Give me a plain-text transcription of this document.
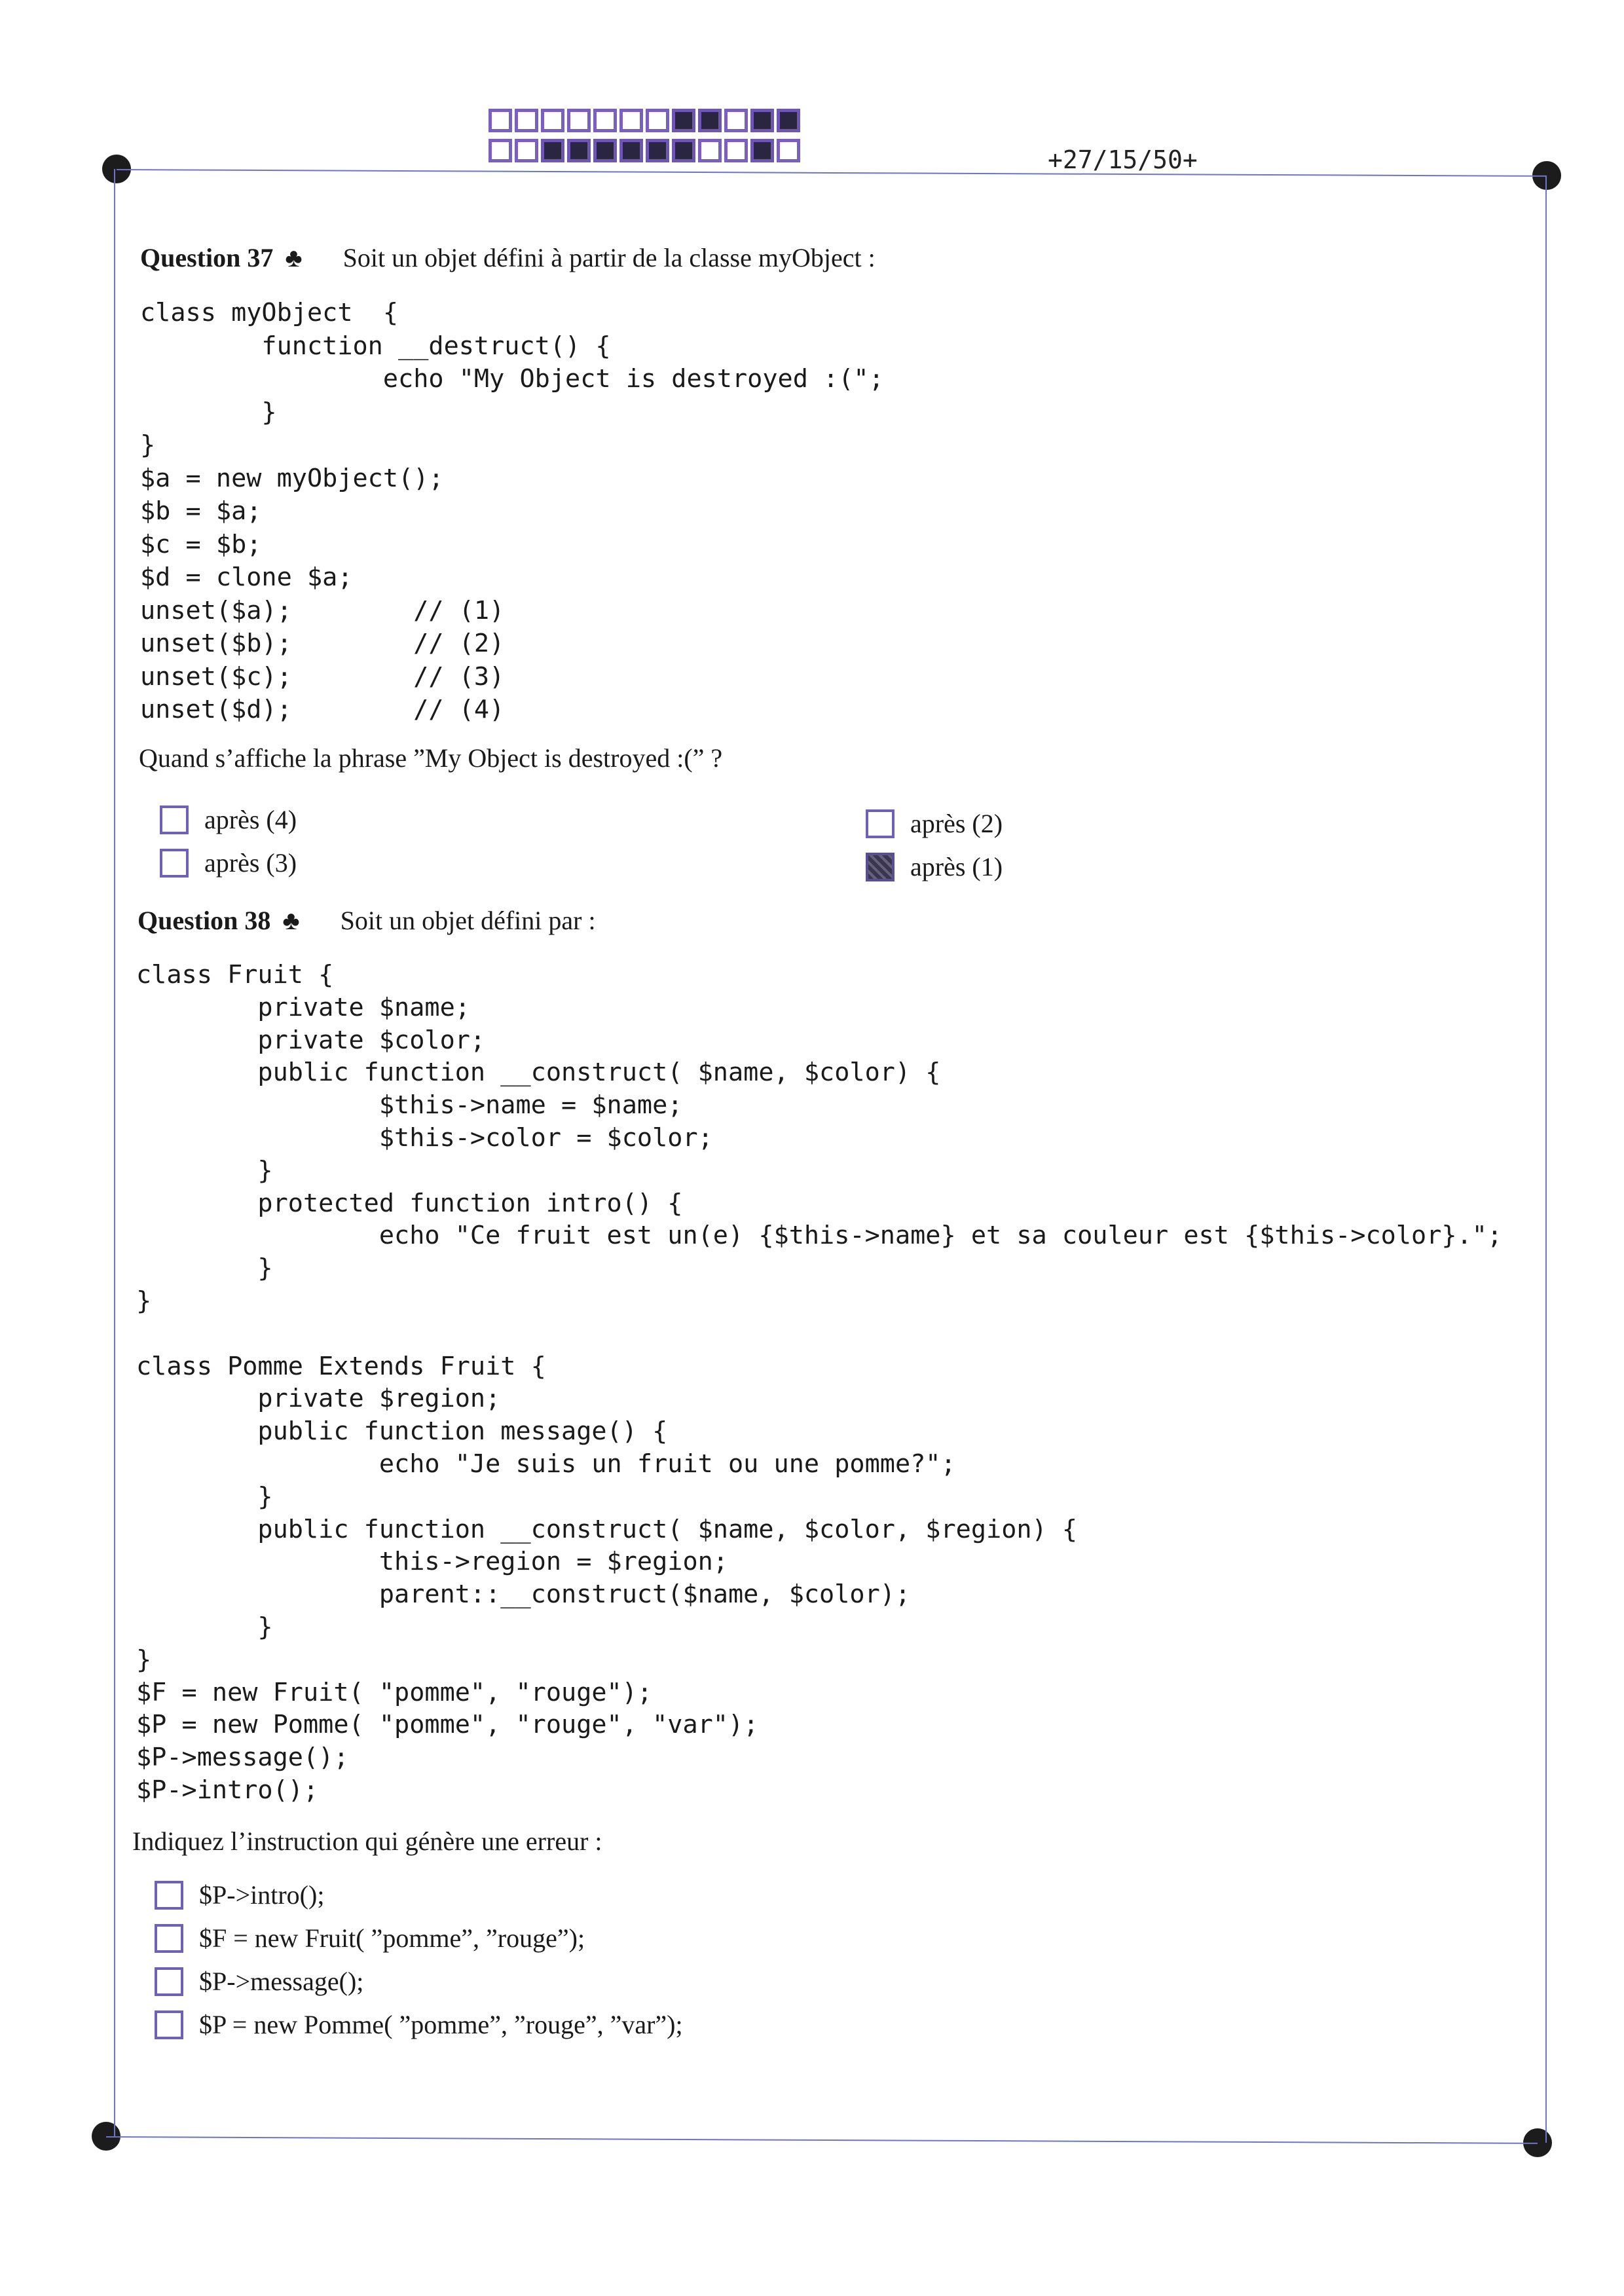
+27/15/50+
Question 37 ♣ Soit un objet défini à partir de la classe myObject :
class myObject  {
function __destruct() {
echo "My Object is destroyed :(";
}
}
$a = new myObject();
$b = $a;
$c = $b;
$d = clone $a;
unset($a);        // (1)
unset($b);        // (2)
unset($c);        // (3)
unset($d);        // (4)
Quand s’affiche la phrase ”My Object is destroyed :(” ?
après (4)
après (3)
après (2)
après (1)
Question 38 ♣ Soit un objet défini par :
class Fruit {
private $name;
private $color;
public function __construct( $name, $color) {
$this->name = $name;
$this->color = $color;
}
protected function intro() {
echo "Ce fruit est un(e) {$this->name} et sa couleur est {$this->color}.";
}
}

class Pomme Extends Fruit {
private $region;
public function message() {
echo "Je suis un fruit ou une pomme?";
}
public function __construct( $name, $color, $region) {
this->region = $region;
parent::__construct($name, $color);
}
}
$F = new Fruit( "pomme", "rouge");
$P = new Pomme( "pomme", "rouge", "var");
$P->message();
$P->intro();
Indiquez l’instruction qui génère une erreur :
$P->intro();
$F = new Fruit( ”pomme”, ”rouge”);
$P->message();
$P = new Pomme( ”pomme”, ”rouge”, ”var”);
